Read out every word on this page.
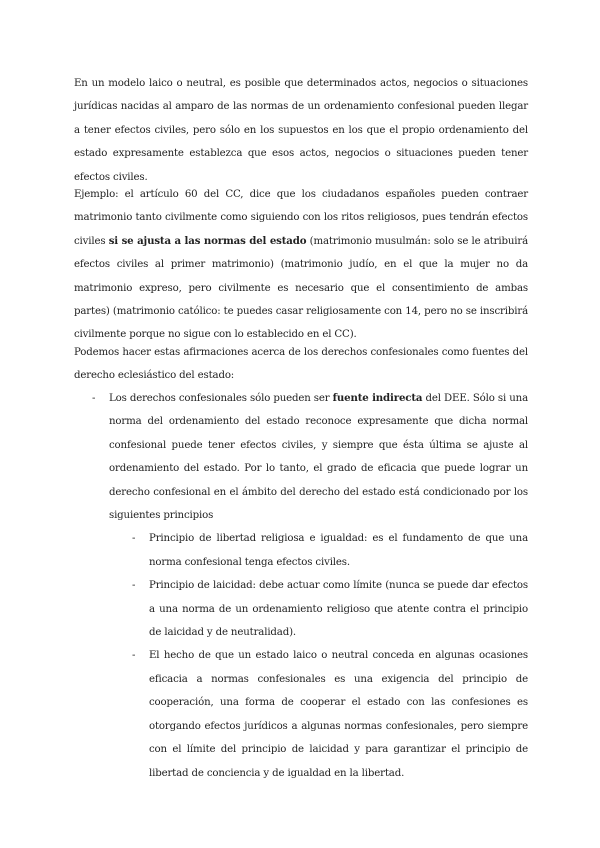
En un modelo laico o neutral, es posible que determinados actos, negocios o situaciones jurídicas nacidas al amparo de las normas de un ordenamiento confesional pueden llegar a tener efectos civiles, pero sólo en los supuestos en los que el propio ordenamiento del estado expresamente establezca que esos actos, negocios o situaciones pueden tener efectos civiles.

Ejemplo: el artículo 60 del CC, dice que los ciudadanos españoles pueden contraer matrimonio tanto civilmente como siguiendo con los ritos religiosos, pues tendrán efectos civiles si se ajusta a las normas del estado (matrimonio musulmán: solo se le atribuirá efectos civiles al primer matrimonio) (matrimonio judío, en el que la mujer no da matrimonio expreso, pero civilmente es necesario que el consentimiento de ambas partes) (matrimonio católico: te puedes casar religiosamente con 14, pero no se inscribirá civilmente porque no sigue con lo establecido en el CC).

Podemos hacer estas afirmaciones acerca de los derechos confesionales como fuentes del derecho eclesiástico del estado:

- Los derechos confesionales sólo pueden ser fuente indirecta del DEE. Sólo si una norma del ordenamiento del estado reconoce expresamente que dicha normal confesional puede tener efectos civiles, y siempre que ésta última se ajuste al ordenamiento del estado. Por lo tanto, el grado de eficacia que puede lograr un derecho confesional en el ámbito del derecho del estado está condicionado por los siguientes principios
- Principio de libertad religiosa e igualdad: es el fundamento de que una norma confesional tenga efectos civiles.
- Principio de laicidad: debe actuar como límite (nunca se puede dar efectos a una norma de un ordenamiento religioso que atente contra el principio de laicidad y de neutralidad).
- El hecho de que un estado laico o neutral conceda en algunas ocasiones eficacia a normas confesionales es una exigencia del principio de cooperación, una forma de cooperar el estado con las confesiones es otorgando efectos jurídicos a algunas normas confesionales, pero siempre con el límite del principio de laicidad y para garantizar el principio de libertad de conciencia y de igualdad en la libertad.
